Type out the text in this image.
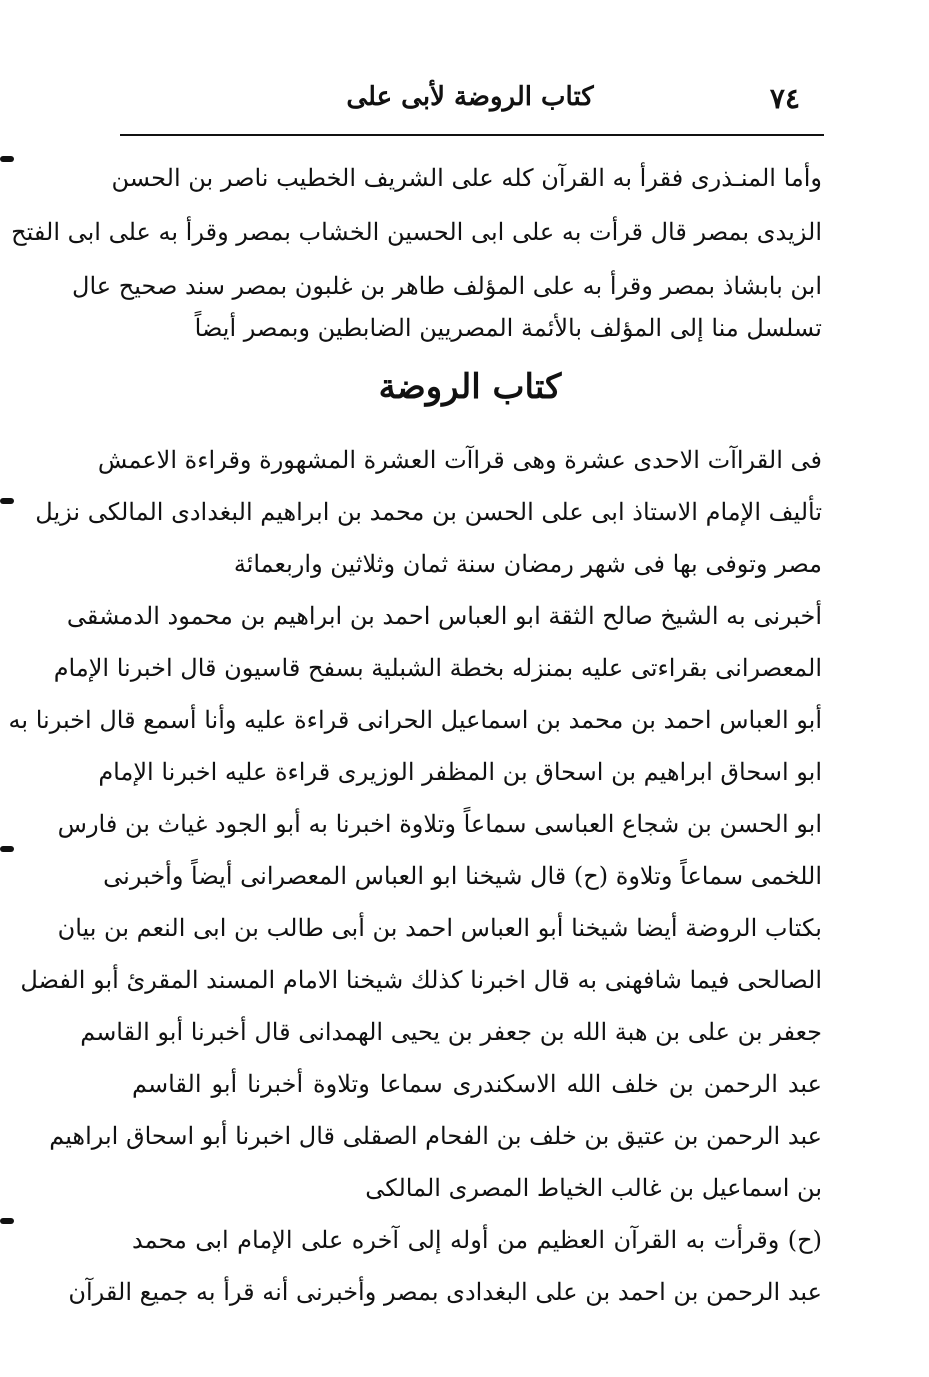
٧٤
كتاب الروضة لأبى على
وأما المنـذرى فقرأ به القرآن كله على الشريف الخطيب ناصر بن الحسن
الزيدى بمصر قال قرأت به على ابى الحسين الخشاب بمصر وقرأ به على ابى الفتح
ابن بابشاذ بمصر وقرأ به على المؤلف طاهر بن غلبون بمصر سند صحيح عال
تسلسل منا إلى المؤلف بالأئمة المصريين الضابطين وبمصر أيضاً
كتاب الروضة
فى القراآت الاحدى عشرة وهى قراآت العشرة المشهورة وقراءة الاعمش
تأليف الإمام الاستاذ ابى على الحسن بن محمد بن ابراهيم البغدادى المالكى نزيل
مصر وتوفى بها فى شهر رمضان سنة ثمان وثلاثين واربعمائة
أخبرنى به الشيخ صالح الثقة ابو العباس احمد بن ابراهيم بن محمود الدمشقى
المعصرانى بقراءتى عليه بمنزله بخطة الشبلية بسفح قاسيون قال اخبرنا الإمام
أبو العباس احمد بن محمد بن اسماعيل الحرانى قراءة عليه وأنا أسمع قال اخبرنا به
ابو اسحاق ابراهيم بن اسحاق بن المظفر الوزيرى قراءة عليه اخبرنا الإمام
ابو الحسن بن شجاع العباسى سماعاً وتلاوة اخبرنا به أبو الجود غياث بن فارس
اللخمى سماعاً وتلاوة (ح) قال شيخنا ابو العباس المعصرانى أيضاً وأخبرنى
بكتاب الروضة أيضا شيخنا أبو العباس احمد بن أبى طالب بن ابى النعم بن بيان
الصالحى فيما شافهنى به قال اخبرنا كذلك شيخنا الامام المسند المقرئ أبو الفضل
جعفر بن على بن هبة الله بن جعفر بن يحيى الهمدانى قال أخبرنا أبو القاسم
عبد الرحمن بن خلف الله الاسكندرى سماعا وتلاوة أخبرنا أبو القاسم
عبد الرحمن بن عتيق بن خلف بن الفحام الصقلى قال اخبرنا أبو اسحاق ابراهيم
بن اسماعيل بن غالب الخياط المصرى المالكى
(ح) وقرأت به القرآن العظيم من أوله إلى آخره على الإمام ابى محمد
عبد الرحمن بن احمد بن على البغدادى بمصر وأخبرنى أنه قرأ به جميع القرآن
